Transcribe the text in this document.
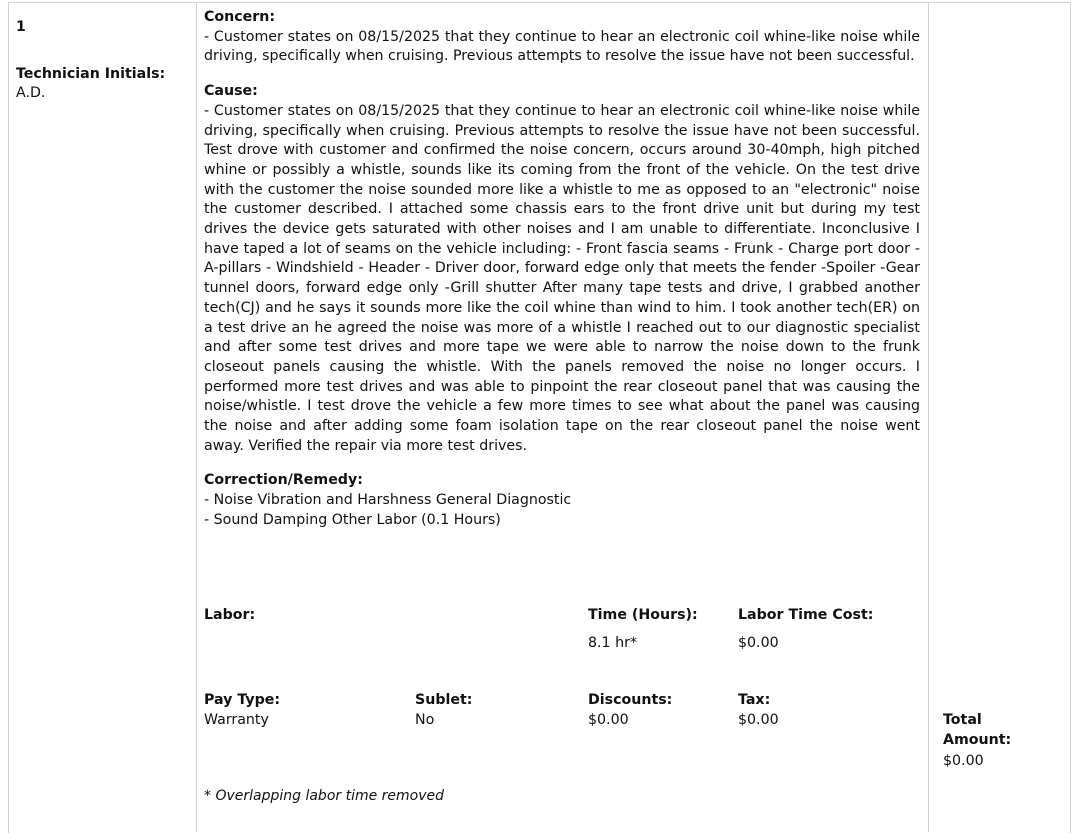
1
Technician Initials:
A.D.
Concern:
- Customer states on 08/15/2025 that they continue to hear an electronic coil whine-like noise while driving, specifically when cruising. Previous attempts to resolve the issue have not been successful.
Cause:
- Customer states on 08/15/2025 that they continue to hear an electronic coil whine-like noise while driving, specifically when cruising. Previous attempts to resolve the issue have not been successful. Test drove with customer and confirmed the noise concern, occurs around 30-40mph, high pitched whine or possibly a whistle, sounds like its coming from the front of the vehicle. On the test drive with the customer the noise sounded more like a whistle to me as opposed to an "electronic" noise the customer described. I attached some chassis ears to the front drive unit but during my test drives the device gets saturated with other noises and I am unable to differentiate. Inconclusive I have taped a lot of seams on the vehicle including: - Front fascia seams - Frunk - Charge port door - A-pillars - Windshield - Header - Driver door, forward edge only that meets the fender -Spoiler -Gear tunnel doors, forward edge only -Grill shutter After many tape tests and drive, I grabbed another tech(CJ) and he says it sounds more like the coil whine than wind to him. I took another tech(ER) on a test drive an he agreed the noise was more of a whistle I reached out to our diagnostic specialist and after some test drives and more tape we were able to narrow the noise down to the frunk closeout panels causing the whistle. With the panels removed the noise no longer occurs. I performed more test drives and was able to pinpoint the rear closeout panel that was causing the noise/whistle. I test drove the vehicle a few more times to see what about the panel was causing the noise and after adding some foam isolation tape on the rear closeout panel the noise went away. Verified the repair via more test drives.
Correction/Remedy:
- Noise Vibration and Harshness General Diagnostic
- Sound Damping Other Labor (0.1 Hours)
Labor:	Time (Hours):
8.1 hr*
Labor Time Cost:
$0.00
Pay Type:
Warranty
Sublet:
No
Discounts:
$0.00
Tax:
$0.00	Total Amount:
$0.00
* Overlapping labor time removed
